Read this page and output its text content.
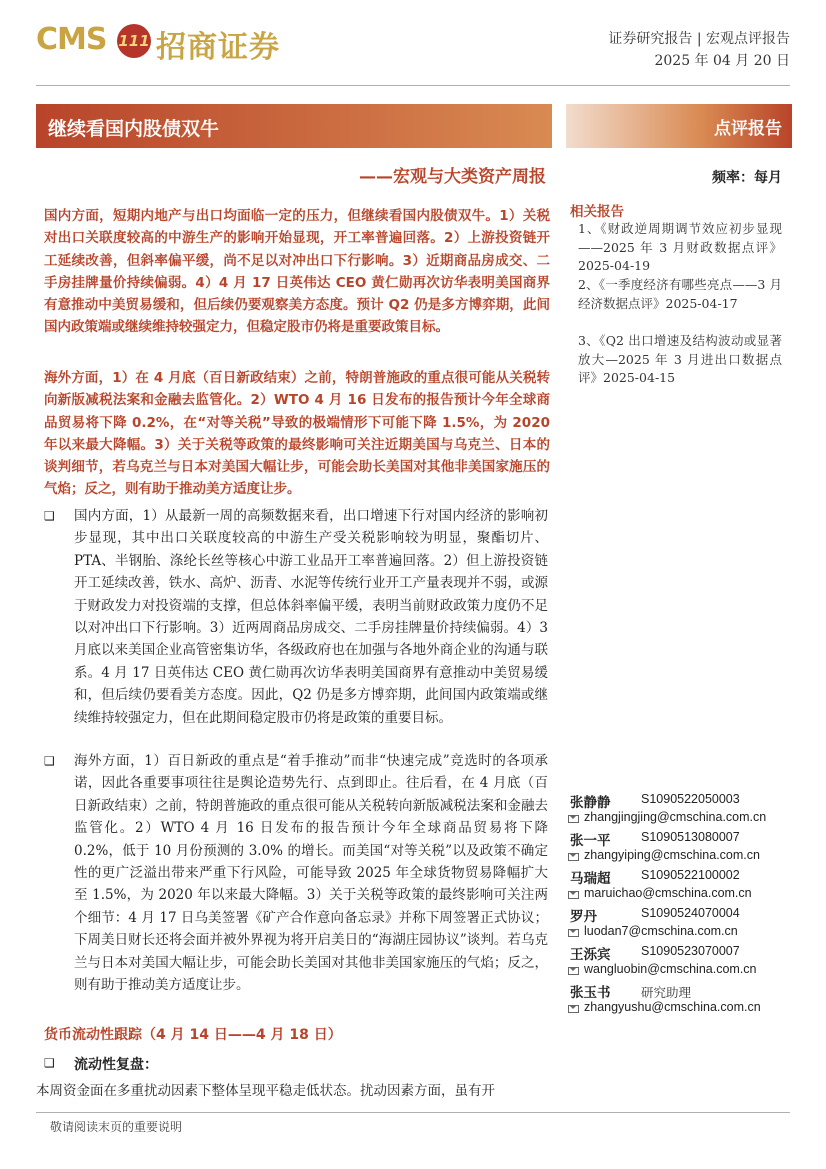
CMS 111 招商证券	证券研究报告 | 宏观点评报告
2025 年 04 月 20 日
继续看国内股债双牛
——宏观与大类资产周报
点评报告
频率：每月

国内方面，短期内地产与出口均面临一定的压力，但继续看国内股债双牛。1）关税对出口关联度较高的中游生产的影响开始显现，开工率普遍回落。2）上游投资链开工延续改善，但斜率偏平缓，尚不足以对冲出口下行影响。3）近期商品房成交、二手房挂牌量价持续偏弱。4）4 月 17 日英伟达 CEO 黄仁勋再次访华表明美国商界有意推动中美贸易缓和，但后续仍要观察美方态度。预计 Q2 仍是多方博弈期，此间国内政策端或继续维持较强定力，但稳定股市仍将是重要政策目标。

海外方面，1）在 4 月底（百日新政结束）之前，特朗普施政的重点很可能从关税转向新版减税法案和金融去监管化。2）WTO 4 月 16 日发布的报告预计今年全球商品贸易将下降 0.2%，在“对等关税”导致的极端情形下可能下降 1.5%，为 2020 年以来最大降幅。3）关于关税等政策的最终影响可关注近期美国与乌克兰、日本的谈判细节，若乌克兰与日本对美国大幅让步，可能会助长美国对其他非美国家施压的气焰；反之，则有助于推动美方适度让步。

❑ 国内方面，1）从最新一周的高频数据来看，出口增速下行对国内经济的影响初步显现，其中出口关联度较高的中游生产受关税影响较为明显，聚酯切片、PTA、半钢胎、涤纶长丝等核心中游工业品开工率普遍回落。2）但上游投资链开工延续改善，铁水、高炉、沥青、水泥等传统行业开工产量表现并不弱，或源于财政发力对投资端的支撑，但总体斜率偏平缓，表明当前财政政策力度仍不足以对冲出口下行影响。3）近两周商品房成交、二手房挂牌量价持续偏弱。4）3 月底以来美国企业高管密集访华，各级政府也在加强与各地外商企业的沟通与联系。4 月 17 日英伟达 CEO 黄仁勋再次访华表明美国商界有意推动中美贸易缓和，但后续仍要看美方态度。因此，Q2 仍是多方博弈期，此间国内政策端或继续维持较强定力，但在此期间稳定股市仍将是政策的重要目标。

❑ 海外方面，1）百日新政的重点是“着手推动”而非“快速完成”竞选时的各项承诺，因此各重要事项往往是舆论造势先行、点到即止。往后看，在 4 月底（百日新政结束）之前，特朗普施政的重点很可能从关税转向新版减税法案和金融去监管化。2）WTO 4 月 16 日发布的报告预计今年全球商品贸易将下降 0.2%，低于 10 月份预测的 3.0% 的增长。而美国“对等关税”以及政策不确定性的更广泛溢出带来严重下行风险，可能导致 2025 年全球货物贸易降幅扩大至 1.5%，为 2020 年以来最大降幅。3）关于关税等政策的最终影响可关注两个细节：4 月 17 日乌美签署《矿产合作意向备忘录》并称下周签署正式协议；下周美日财长还将会面并被外界视为将开启美日的“海湖庄园协议”谈判。若乌克兰与日本对美国大幅让步，可能会助长美国对其他非美国家施压的气焰；反之，则有助于推动美方适度让步。

货币流动性跟踪（4 月 14 日——4 月 18 日）
❑ 流动性复盘：

本周资金面在多重扰动因素下整体呈现平稳走低状态。扰动因素方面，虽有开

敬请阅读末页的重要说明
相关报告

1、《财政逆周期调节效应初步显现——2025 年 3 月财政数据点评》2025-04-19

2、《一季度经济有哪些亮点——3 月经济数据点评》2025-04-17

3、《Q2 出口增速及结构波动或显著放大—2025 年 3 月进出口数据点评》2025-04-15

张静静 S1090522050003
zhangjingjing@cmschina.com.cn
张一平 S1090513080007
zhangyiping@cmschina.com.cn
马瑞超 S1090522100002
maruichao@cmschina.com.cn
罗丹	S1090524070004
luodan7@cmschina.com.cn
王泺宾 S1090523070007
wangluobin@cmschina.com.cn
张玉书 研究助理
zhangyushu@cmschina.com.cn
